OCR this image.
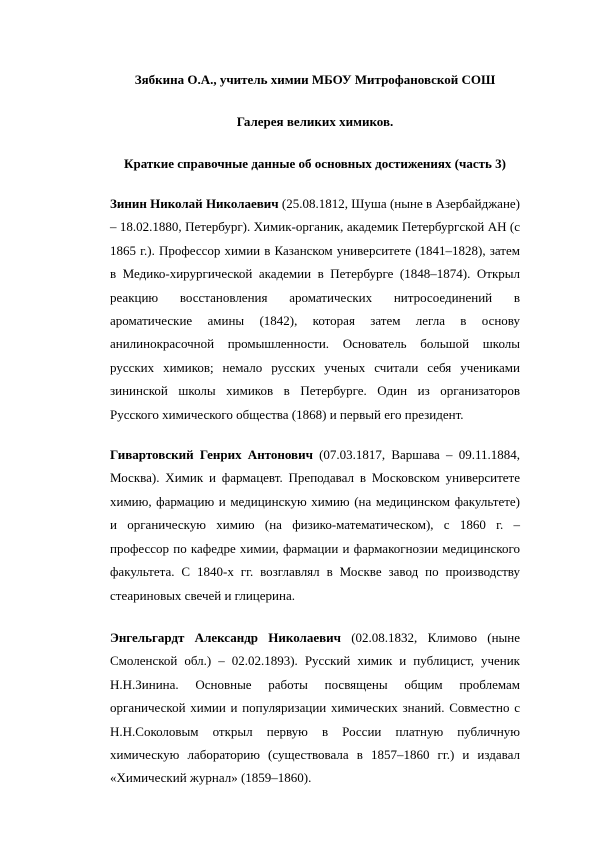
Зябкина О.А., учитель химии МБОУ Митрофановской СОШ
Галерея великих химиков.
Краткие справочные данные об основных достижениях (часть 3)

Зинин Николай Николаевич (25.08.1812, Шуша (ныне в Азербайджане) – 18.02.1880, Петербург). Химик-органик, академик Петербургской АН (с 1865 г.). Профессор химии в Казанском университете (1841–1828), затем в Медико-хирургической академии в Петербурге (1848–1874). Открыл реакцию восстановления ароматических нитросоединений в ароматические амины (1842), которая затем легла в основу анилинокрасочной промышленности. Основатель большой школы русских химиков; немало русских ученых считали себя учениками зининской школы химиков в Петербурге. Один из организаторов Русского химического общества (1868) и первый его президент.

Гивартовский Генрих Антонович (07.03.1817, Варшава – 09.11.1884, Москва). Химик и фармацевт. Преподавал в Московском университете химию, фармацию и медицинскую химию (на медицинском факультете) и органическую химию (на физико-математическом), с 1860 г. – профессор по кафедре химии, фармации и фармакогнозии медицинского факультета. С 1840-х гг. возглавлял в Москве завод по производству стеариновых свечей и глицерина.

Энгельгардт Александр Николаевич (02.08.1832, Климово (ныне Смоленской обл.) – 02.02.1893). Русский химик и публицист, ученик Н.Н.Зинина. Основные работы посвящены общим проблемам органической химии и популяризации химических знаний. Совместно с Н.Н.Соколовым открыл первую в России платную публичную химическую лабораторию (существовала в 1857–1860 гг.) и издавал «Химический журнал» (1859–1860).
